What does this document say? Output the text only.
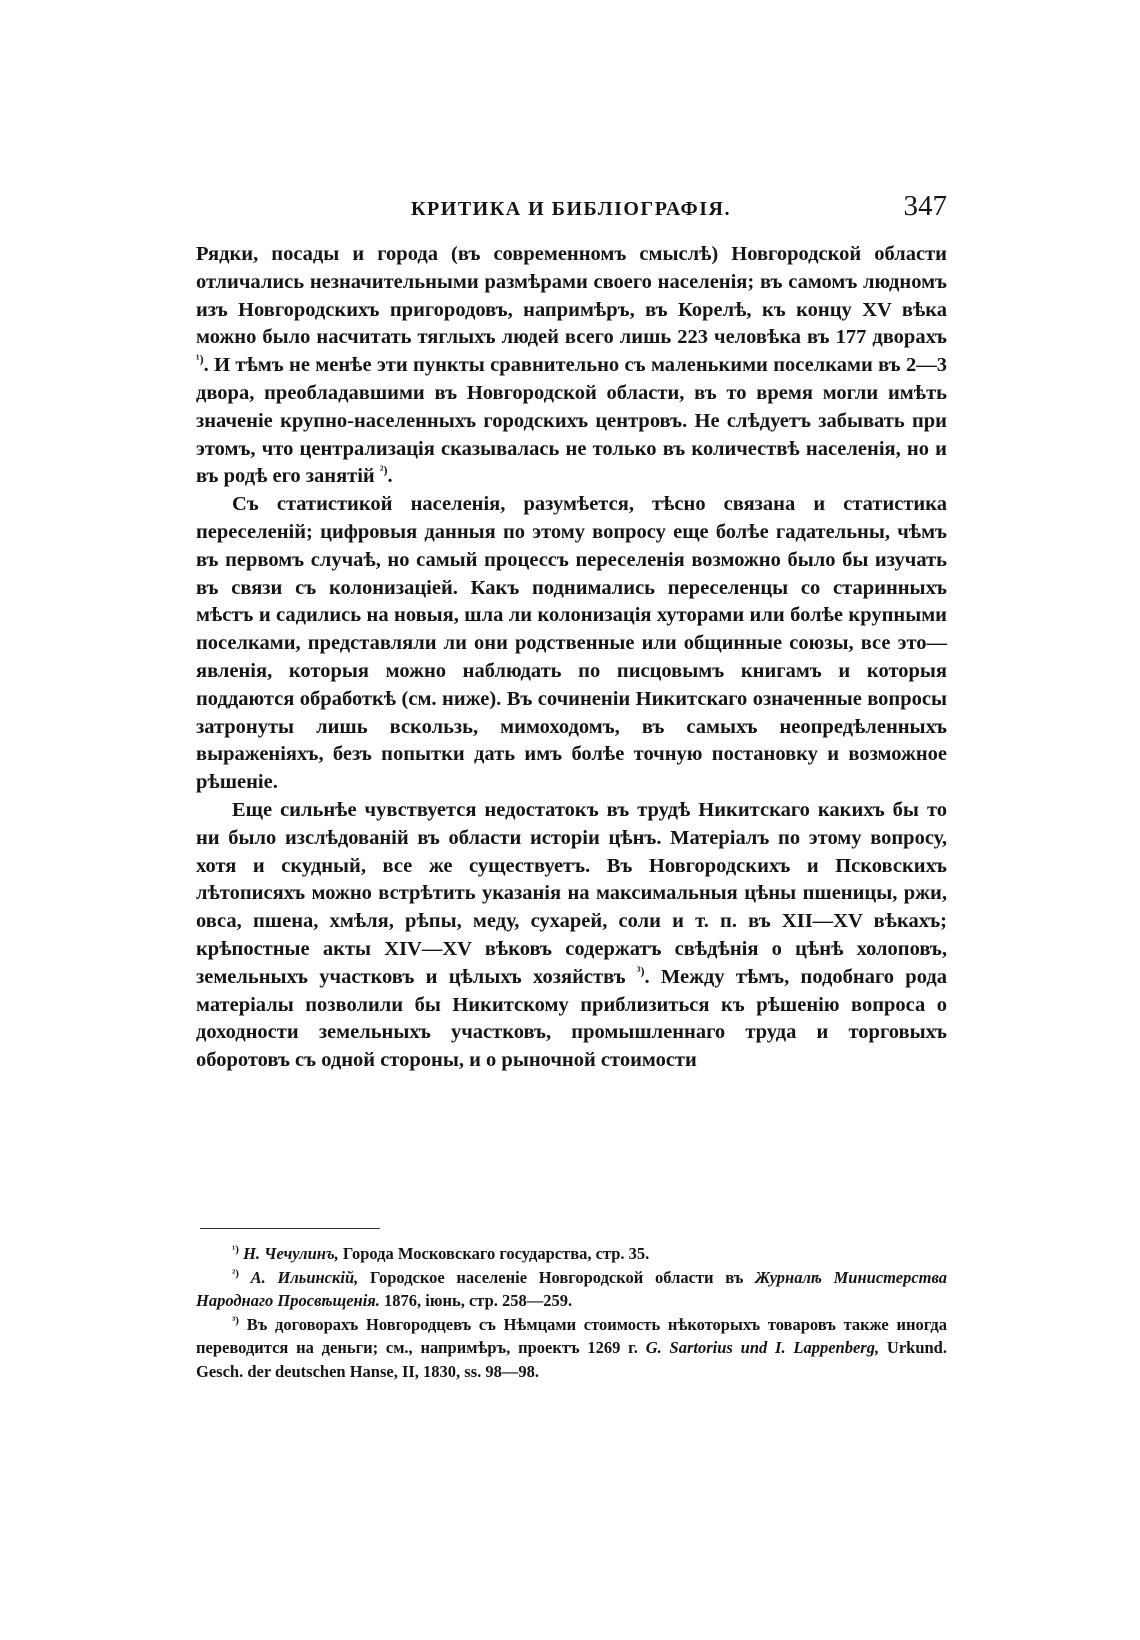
КРИТИКА И БИБЛІОГРАФІЯ.	347

Рядки, посады и города (въ современномъ смыслѣ) Новгородской области отличались незначительными размѣрами своего населенія; въ самомъ людномъ изъ Новгородскихъ пригородовъ, напримѣръ, въ Корелѣ, къ концу XV вѣка можно было насчитать тяглыхъ людей всего лишь 223 человѣка въ 177 дворахъ $^{^1)}$. И тѣмъ не менѣе эти пункты сравнительно съ маленькими поселками въ 2—3 двора, преобладавшими въ Новгородской области, въ то время могли имѣть значеніе крупно-населенныхъ городскихъ центровъ. Не слѣдуетъ забывать при этомъ, что централизація сказывалась не только въ количествѣ населенія, но и въ родѣ его занятій $^{^2)}$.

Съ статистикой населенія, разумѣется, тѣсно связана и статистика переселеній; цифровыя данныя по этому вопросу еще болѣе гадательны, чѣмъ въ первомъ случаѣ, но самый процессъ переселенія возможно было бы изучать въ связи съ колонизаціей. Какъ поднимались переселенцы со старинныхъ мѣстъ и садились на новыя, шла ли колонизація хуторами или болѣе крупными поселками, представляли ли они родственные или общинные союзы, все это—явленія, которыя можно наблюдать по писцовымъ книгамъ и которыя поддаются обработкѣ (см. ниже). Въ сочиненіи Никитскаго означенные вопросы затронуты лишь вскользь, мимоходомъ, въ самыхъ неопредѣленныхъ выраженіяхъ, безъ попытки дать имъ болѣе точную постановку и возможное рѣшеніе.

Еще сильнѣе чувствуется недостатокъ въ трудѣ Никитскаго какихъ бы то ни было изслѣдованій въ области исторіи цѣнъ. Матеріалъ по этому вопросу, хотя и скудный, все же существуетъ. Въ Новгородскихъ и Псковскихъ лѣтописяхъ можно встрѣтить указанія на максимальныя цѣны пшеницы, ржи, овса, пшена, хмѣля, рѣпы, меду, сухарей, соли и т. п. въ XII—XV вѣкахъ; крѣпостные акты XIV—XV вѣковъ содержатъ свѣдѣнія о цѣнѣ холоповъ, земельныхъ участковъ и цѣлыхъ хозяйствъ $^{^3)}$. Между тѣмъ, подобнаго рода матеріалы позволили бы Никитскому приблизиться къ рѣшенію вопроса о доходности земельныхъ участковъ, промышленнаго труда и торговыхъ оборотовъ съ одной стороны, и о рыночной стоимости

$^{^1)}$ Н. Чечулинъ, Города Московскаго государства, стр. 35.

$^{^2)}$ А. Ильинскій, Городское населеніе Новгородской области въ Журналѣ Министерства Народнаго Просвѣщенія. 1876, іюнь, стр. 258—259.

$^{^3)}$ Въ договорахъ Новгородцевъ съ Нѣмцами стоимость нѣкоторыхъ товаровъ также иногда переводится на деньги; см., напримѣръ, проектъ 1269 г. G. Sartorius und I. Lappenberg, Urkund. Gesch. der deutschen Hanse, II, 1830, ss. 98—98.
